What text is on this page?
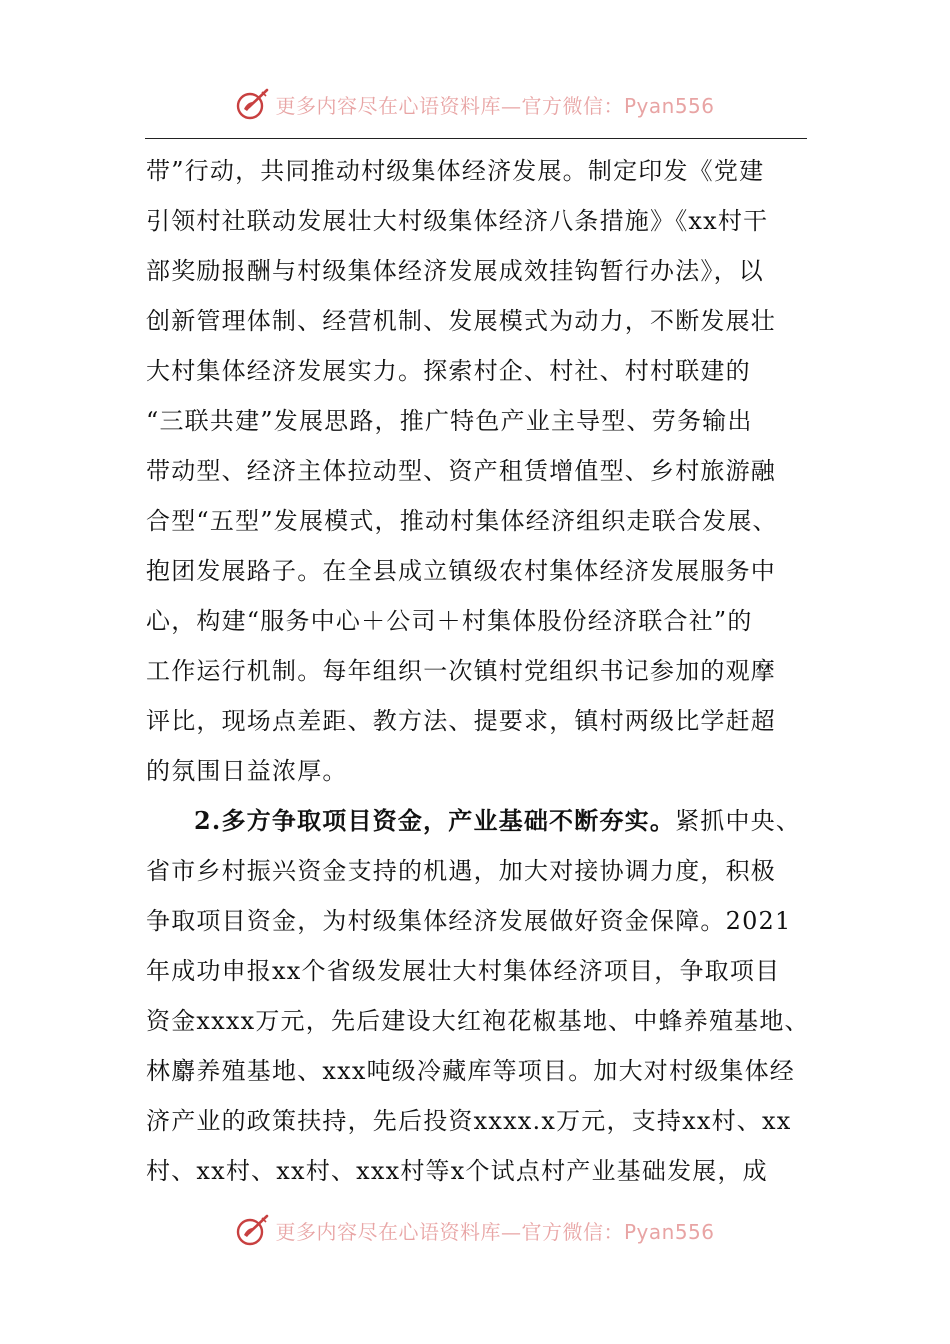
更多内容尽在心语资料库—官方微信：Pyan556
带”行动，共同推动村级集体经济发展。制定印发《党建
引领村社联动发展壮大村级集体经济八条措施》《xx村干
部奖励报酬与村级集体经济发展成效挂钩暂行办法》，以
创新管理体制、经营机制、发展模式为动力，不断发展壮
大村集体经济发展实力。探索村企、村社、村村联建的
“三联共建”发展思路，推广特色产业主导型、劳务输出
带动型、经济主体拉动型、资产租赁增值型、乡村旅游融
合型“五型”发展模式，推动村集体经济组织走联合发展、
抱团发展路子。在全县成立镇级农村集体经济发展服务中
心，构建“服务中心＋公司＋村集体股份经济联合社”的
工作运行机制。每年组织一次镇村党组织书记参加的观摩
评比，现场点差距、教方法、提要求，镇村两级比学赶超
的氛围日益浓厚。
2.多方争取项目资金，产业基础不断夯实。紧抓中央、
省市乡村振兴资金支持的机遇，加大对接协调力度，积极
争取项目资金，为村级集体经济发展做好资金保障。2021
年成功申报xx个省级发展壮大村集体经济项目，争取项目
资金xxxx万元，先后建设大红袍花椒基地、中蜂养殖基地、
林麝养殖基地、xxx吨级冷藏库等项目。加大对村级集体经
济产业的政策扶持，先后投资xxxx.x万元，支持xx村、xx
村、xx村、xx村、xxx村等x个试点村产业基础发展，成
更多内容尽在心语资料库—官方微信：Pyan556
